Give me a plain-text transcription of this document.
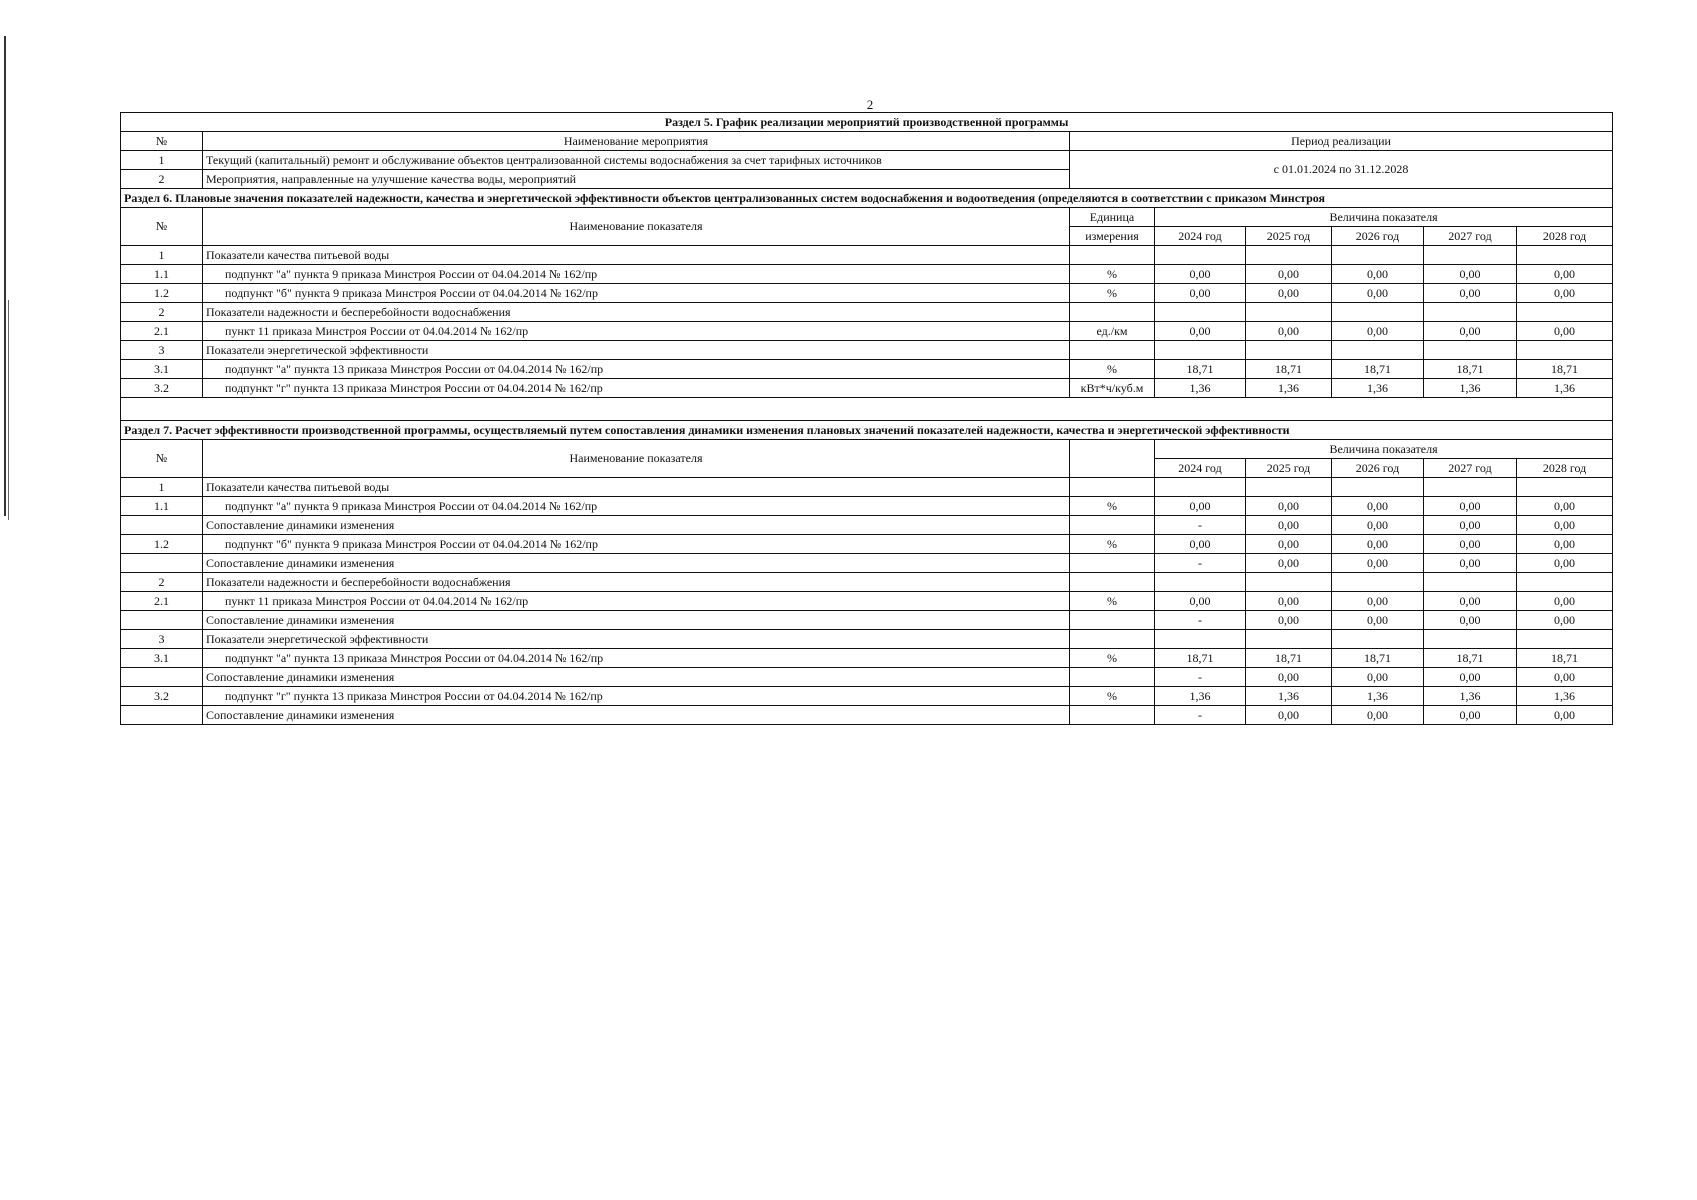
2
Раздел 5. График реализации мероприятий производственной программы							
№	Наименование мероприятия	Период реализации					
1	Текущий (капитальный) ремонт и обслуживание объектов централизованной системы водоснабжения за счет тарифных источников	с 01.01.2024 по 31.12.2028					
2	Мероприятия, направленные на улучшение качества воды, мероприятий						
Раздел 6. Плановые значения показателей надежности, качества и энергетической эффективности объектов централизованных систем водоснабжения и водоотведения (определяются в соответствии с приказом Минстроя							
№	Наименование показателя	Единица	Величина показателя				
		измерения	2024 год	2025 год	2026 год	2027 год	2028 год
1	Показатели качества питьевой воды						
1.1	подпункт "а" пункта 9 приказа Минстроя России от 04.04.2014 № 162/пр	%	0,00	0,00	0,00	0,00	0,00
1.2	подпункт "б" пункта 9 приказа Минстроя России от 04.04.2014 № 162/пр	%	0,00	0,00	0,00	0,00	0,00
2	Показатели надежности и бесперебойности водоснабжения						
2.1	пункт 11 приказа Минстроя России от 04.04.2014 № 162/пр	ед./км	0,00	0,00	0,00	0,00	0,00
3	Показатели энергетической эффективности						
3.1	подпункт "а" пункта 13 приказа Минстроя России от 04.04.2014 № 162/пр	%	18,71	18,71	18,71	18,71	18,71
3.2	подпункт "г" пункта 13 приказа Минстроя России от 04.04.2014 № 162/пр	кВт*ч/куб.м	1,36	1,36	1,36	1,36	1,36

Раздел 7. Расчет эффективности производственной программы, осуществляемый путем сопоставления динамики изменения плановых значений показателей надежности, качества и энергетической эффективности							
№	Наименование показателя		Величина показателя				
			2024 год	2025 год	2026 год	2027 год	2028 год
1	Показатели качества питьевой воды						
1.1	подпункт "а" пункта 9 приказа Минстроя России от 04.04.2014 № 162/пр	%	0,00	0,00	0,00	0,00	0,00
	Сопоставление динамики изменения		-	0,00	0,00	0,00	0,00
1.2	подпункт "б" пункта 9 приказа Минстроя России от 04.04.2014 № 162/пр	%	0,00	0,00	0,00	0,00	0,00
	Сопоставление динамики изменения		-	0,00	0,00	0,00	0,00
2	Показатели надежности и бесперебойности водоснабжения						
2.1	пункт 11 приказа Минстроя России от 04.04.2014 № 162/пр	%	0,00	0,00	0,00	0,00	0,00
	Сопоставление динамики изменения		-	0,00	0,00	0,00	0,00
3	Показатели энергетической эффективности						
3.1	подпункт "а" пункта 13 приказа Минстроя России от 04.04.2014 № 162/пр	%	18,71	18,71	18,71	18,71	18,71
	Сопоставление динамики изменения		-	0,00	0,00	0,00	0,00
3.2	подпункт "г" пункта 13 приказа Минстроя России от 04.04.2014 № 162/пр	%	1,36	1,36	1,36	1,36	1,36
	Сопоставление динамики изменения		-	0,00	0,00	0,00	0,00
